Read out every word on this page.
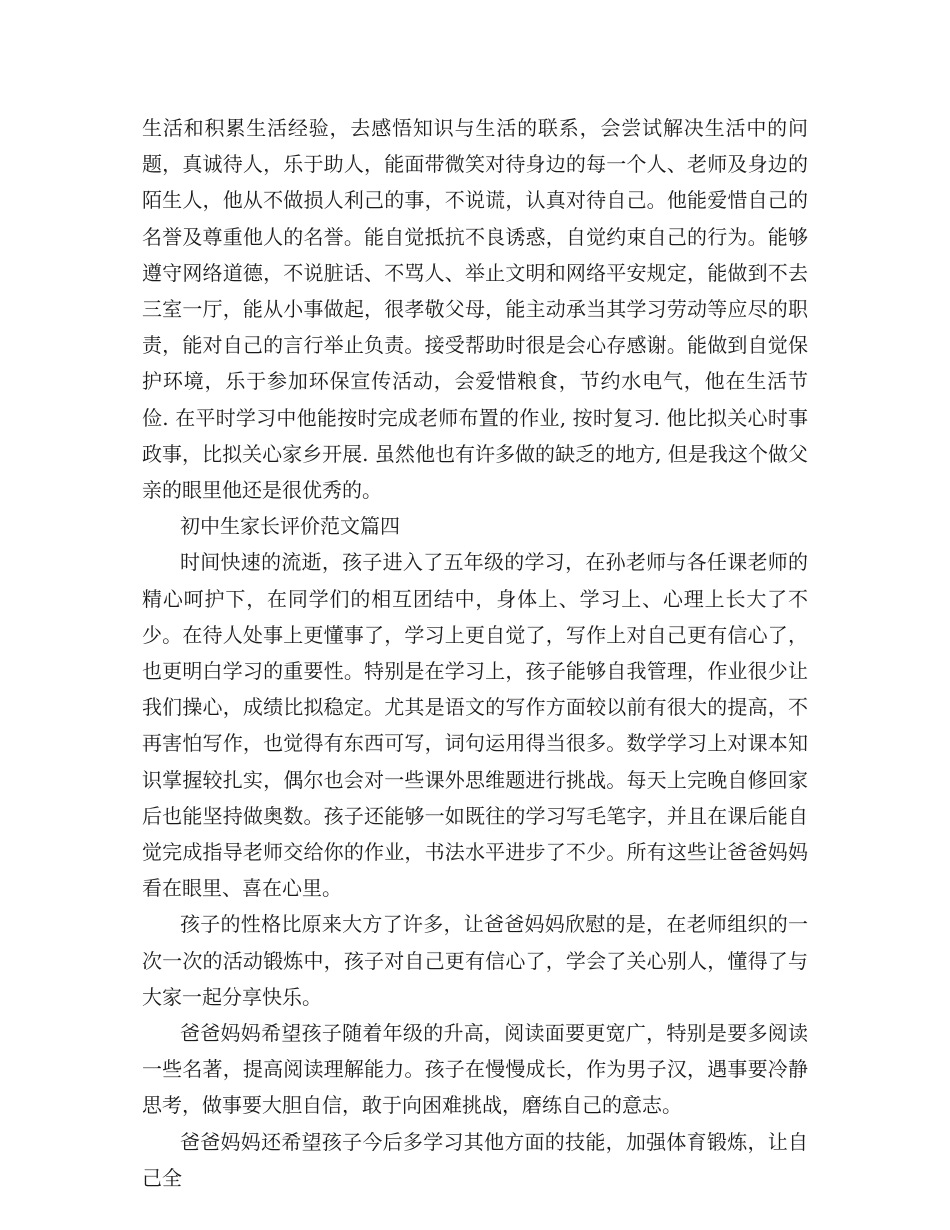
生活和积累生活经验，去感悟知识与生活的联系，会尝试解决生活中的问题，真诚待人，乐于助人，能面带微笑对待身边的每一个人、老师及身边的陌生人，他从不做损人利己的事，不说谎，认真对待自己。他能爱惜自己的名誉及尊重他人的名誉。能自觉抵抗不良诱惑，自觉约束自己的行为。能够遵守网络道德，不说脏话、不骂人、举止文明和网络平安规定，能做到不去三室一厅，能从小事做起，很孝敬父母，能主动承当其学习劳动等应尽的职责，能对自己的言行举止负责。接受帮助时很是会心存感谢。能做到自觉保护环境，乐于参加环保宣传活动，会爱惜粮食，节约水电气，他在生活节俭. 在平时学习中他能按时完成老师布置的作业, 按时复习. 他比拟关心时事政事，比拟关心家乡开展. 虽然他也有许多做的缺乏的地方, 但是我这个做父亲的眼里他还是很优秀的。

初中生家长评价范文篇四

时间快速的流逝，孩子进入了五年级的学习，在孙老师与各任课老师的精心呵护下，在同学们的相互团结中，身体上、学习上、心理上长大了不少。在待人处事上更懂事了，学习上更自觉了，写作上对自己更有信心了，也更明白学习的重要性。特别是在学习上，孩子能够自我管理，作业很少让我们操心，成绩比拟稳定。尤其是语文的写作方面较以前有很大的提高，不再害怕写作，也觉得有东西可写，词句运用得当很多。数学学习上对课本知识掌握较扎实，偶尔也会对一些课外思维题进行挑战。每天上完晚自修回家后也能坚持做奥数。孩子还能够一如既往的学习写毛笔字，并且在课后能自觉完成指导老师交给你的作业，书法水平进步了不少。所有这些让爸爸妈妈看在眼里、喜在心里。

孩子的性格比原来大方了许多，让爸爸妈妈欣慰的是，在老师组织的一次一次的活动锻炼中，孩子对自己更有信心了，学会了关心别人，懂得了与大家一起分享快乐。

爸爸妈妈希望孩子随着年级的升高，阅读面要更宽广，特别是要多阅读一些名著，提高阅读理解能力。孩子在慢慢成长，作为男子汉，遇事要冷静思考，做事要大胆自信，敢于向困难挑战，磨练自己的意志。

爸爸妈妈还希望孩子今后多学习其他方面的技能，加强体育锻炼，让自己全
